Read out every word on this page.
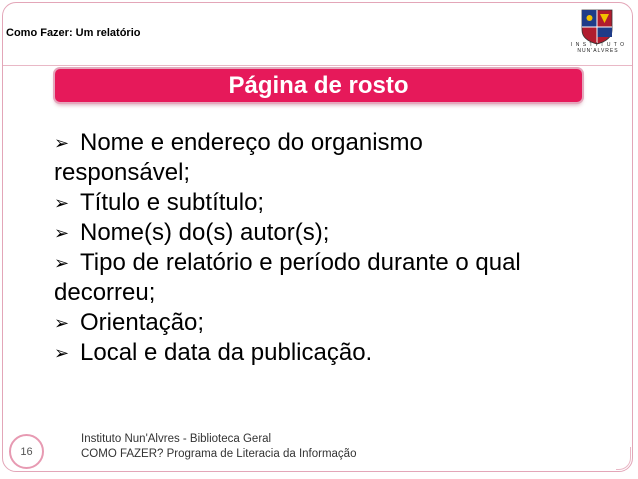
Como Fazer: Um relatório
I N S T I T U T O NUN'ALVRES
Página de rosto

➢ Nome e endereço do organismo
responsável;

➢ Título e subtítulo;

➢ Nome(s) do(s) autor(s);

➢ Tipo de relatório e período durante o qual
decorreu;

➢ Orientação;

➢ Local e data da publicação.

16
Instituto Nun'Alvres - Biblioteca Geral
COMO FAZER? Programa de Literacia da Informação
